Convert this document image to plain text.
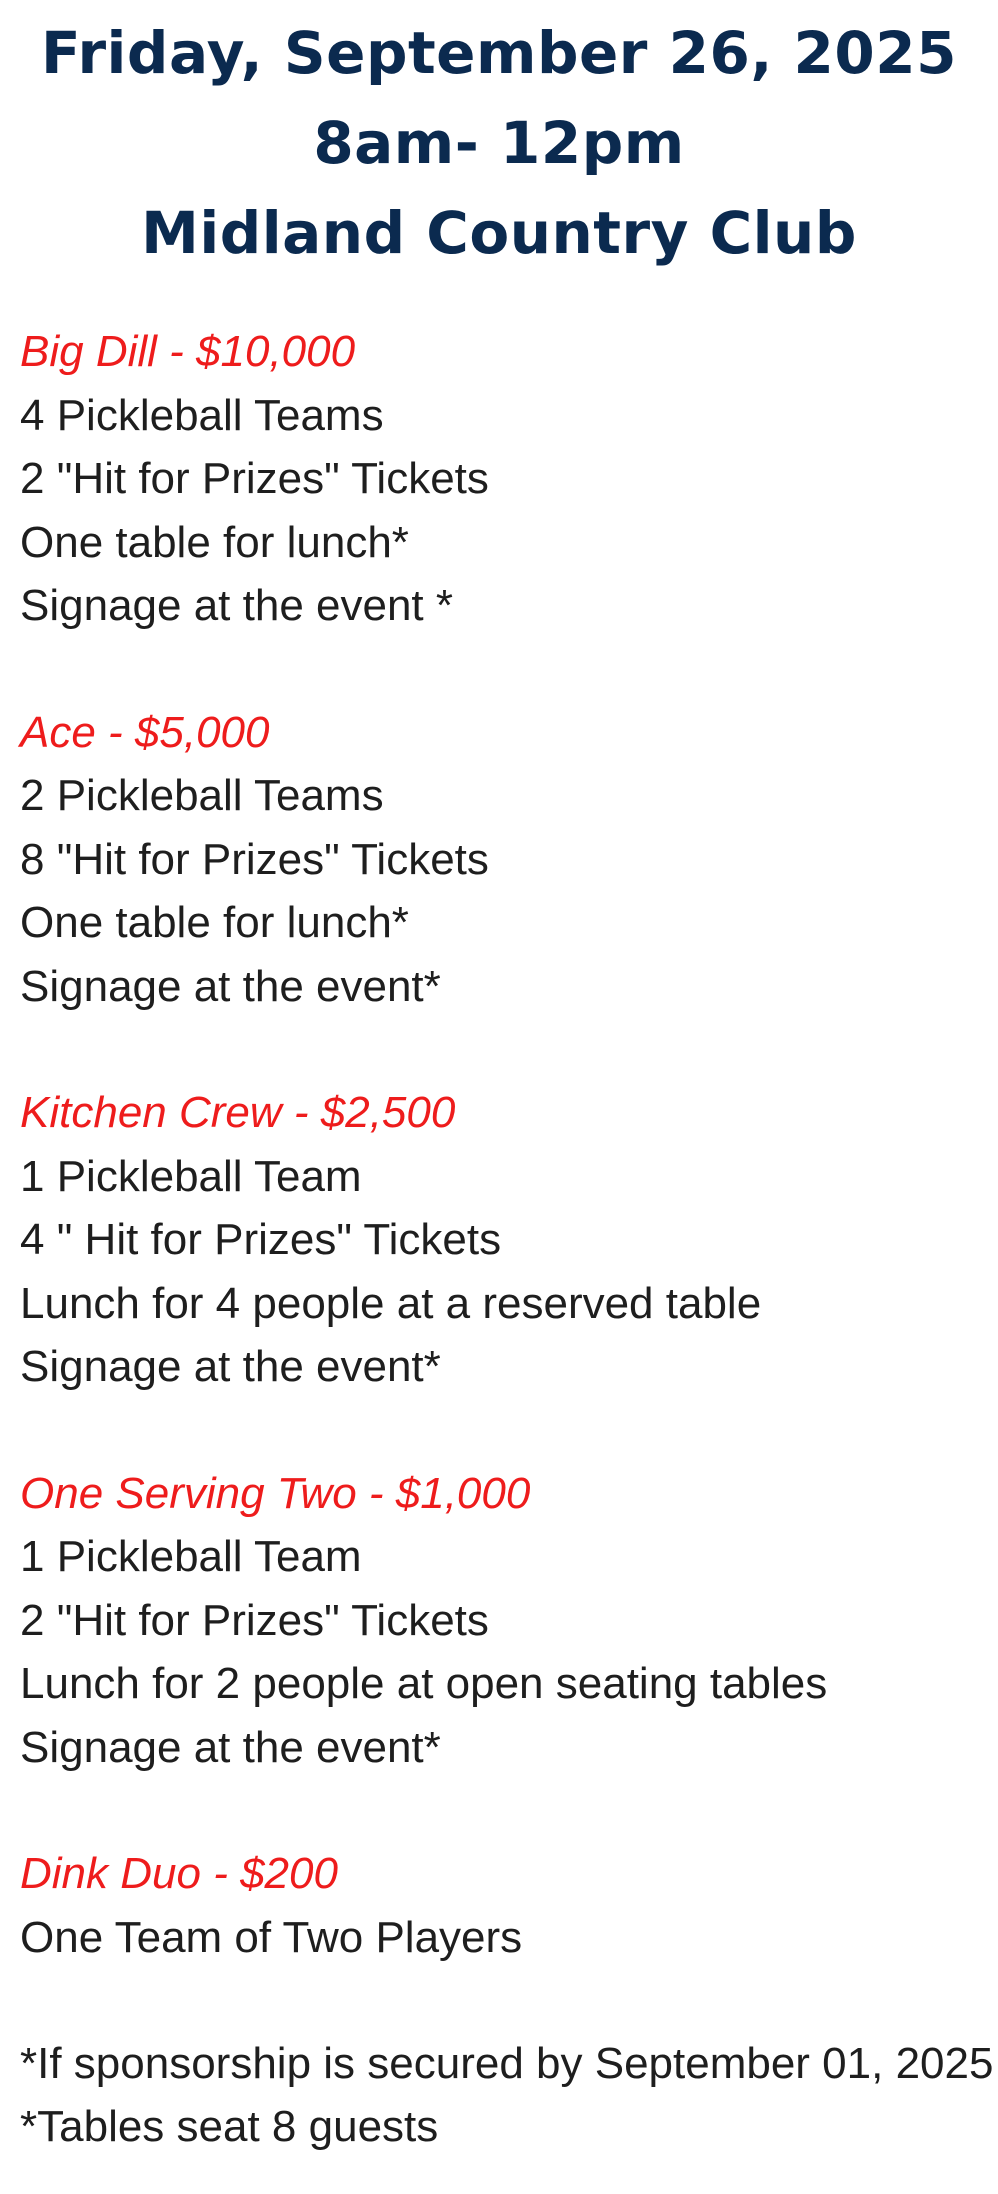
Friday, September 26, 2025
8am- 12pm
Midland Country Club
Big Dill - $10,000
4 Pickleball Teams
2 "Hit for Prizes" Tickets
One table for lunch*
Signage at the event *
Ace - $5,000
2 Pickleball Teams
8 "Hit for Prizes" Tickets
One table for lunch*
Signage at the event*
Kitchen Crew - $2,500
1 Pickleball Team
4 " Hit for Prizes" Tickets
Lunch for 4 people at a reserved table
Signage at the event*
One Serving Two - $1,000
1 Pickleball Team
2 "Hit for Prizes" Tickets
Lunch for 2 people at open seating tables
Signage at the event*
Dink Duo - $200
One Team of Two Players
*If sponsorship is secured by September 01, 2025
*Tables seat 8 guests
